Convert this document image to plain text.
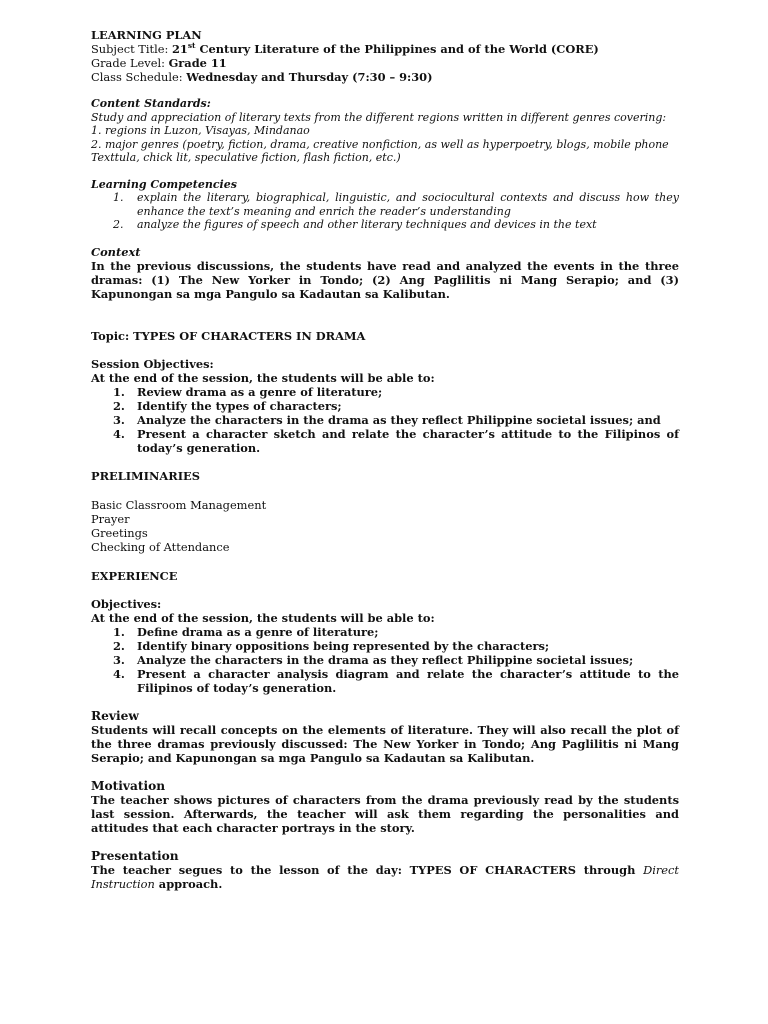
LEARNING PLAN
Subject Title: 21st Century Literature of the Philippines and of the World (CORE)
Grade Level: Grade 11
Class Schedule: Wednesday and Thursday (7:30 – 9:30)
Content Standards:
Study and appreciation of literary texts from the different regions written in different genres covering:
1. regions in Luzon, Visayas, Mindanao
2. major genres (poetry, fiction, drama, creative nonfiction, as well as hyperpoetry, blogs, mobile phone Texttula, chick lit, speculative fiction, flash fiction, etc.)
Learning Competencies
1. explain the literary, biographical, linguistic, and sociocultural contexts and discuss how they enhance the text’s meaning and enrich the reader’s understanding
2. analyze the figures of speech and other literary techniques and devices in the text
Context
In the previous discussions, the students have read and analyzed the events in the three dramas: (1) The New Yorker in Tondo; (2) Ang Paglilitis ni Mang Serapio; and (3) Kapunongan sa mga Pangulo sa Kadautan sa Kalibutan.
Topic: TYPES OF CHARACTERS IN DRAMA
Session Objectives:
At the end of the session, the students will be able to:
1. Review drama as a genre of literature;
2. Identify the types of characters;
3. Analyze the characters in the drama as they reflect Philippine societal issues; and
4. Present a character sketch and relate the character’s attitude to the Filipinos of today’s generation.
PRELIMINARIES
Basic Classroom Management
Prayer
Greetings
Checking of Attendance
EXPERIENCE
Objectives:
At the end of the session, the students will be able to:
1. Define drama as a genre of literature;
2. Identify binary oppositions being represented by the characters;
3. Analyze the characters in the drama as they reflect Philippine societal issues;
4. Present a character analysis diagram and relate the character’s attitude to the Filipinos of today’s generation.
Review
Students will recall concepts on the elements of literature. They will also recall the plot of the three dramas previously discussed: The New Yorker in Tondo; Ang Paglilitis ni Mang Serapio; and Kapunongan sa mga Pangulo sa Kadautan sa Kalibutan.
Motivation
The teacher shows pictures of characters from the drama previously read by the students last session. Afterwards, the teacher will ask them regarding the personalities and attitudes that each character portrays in the story.
Presentation
The teacher segues to the lesson of the day: TYPES OF CHARACTERS through Direct Instruction approach.
